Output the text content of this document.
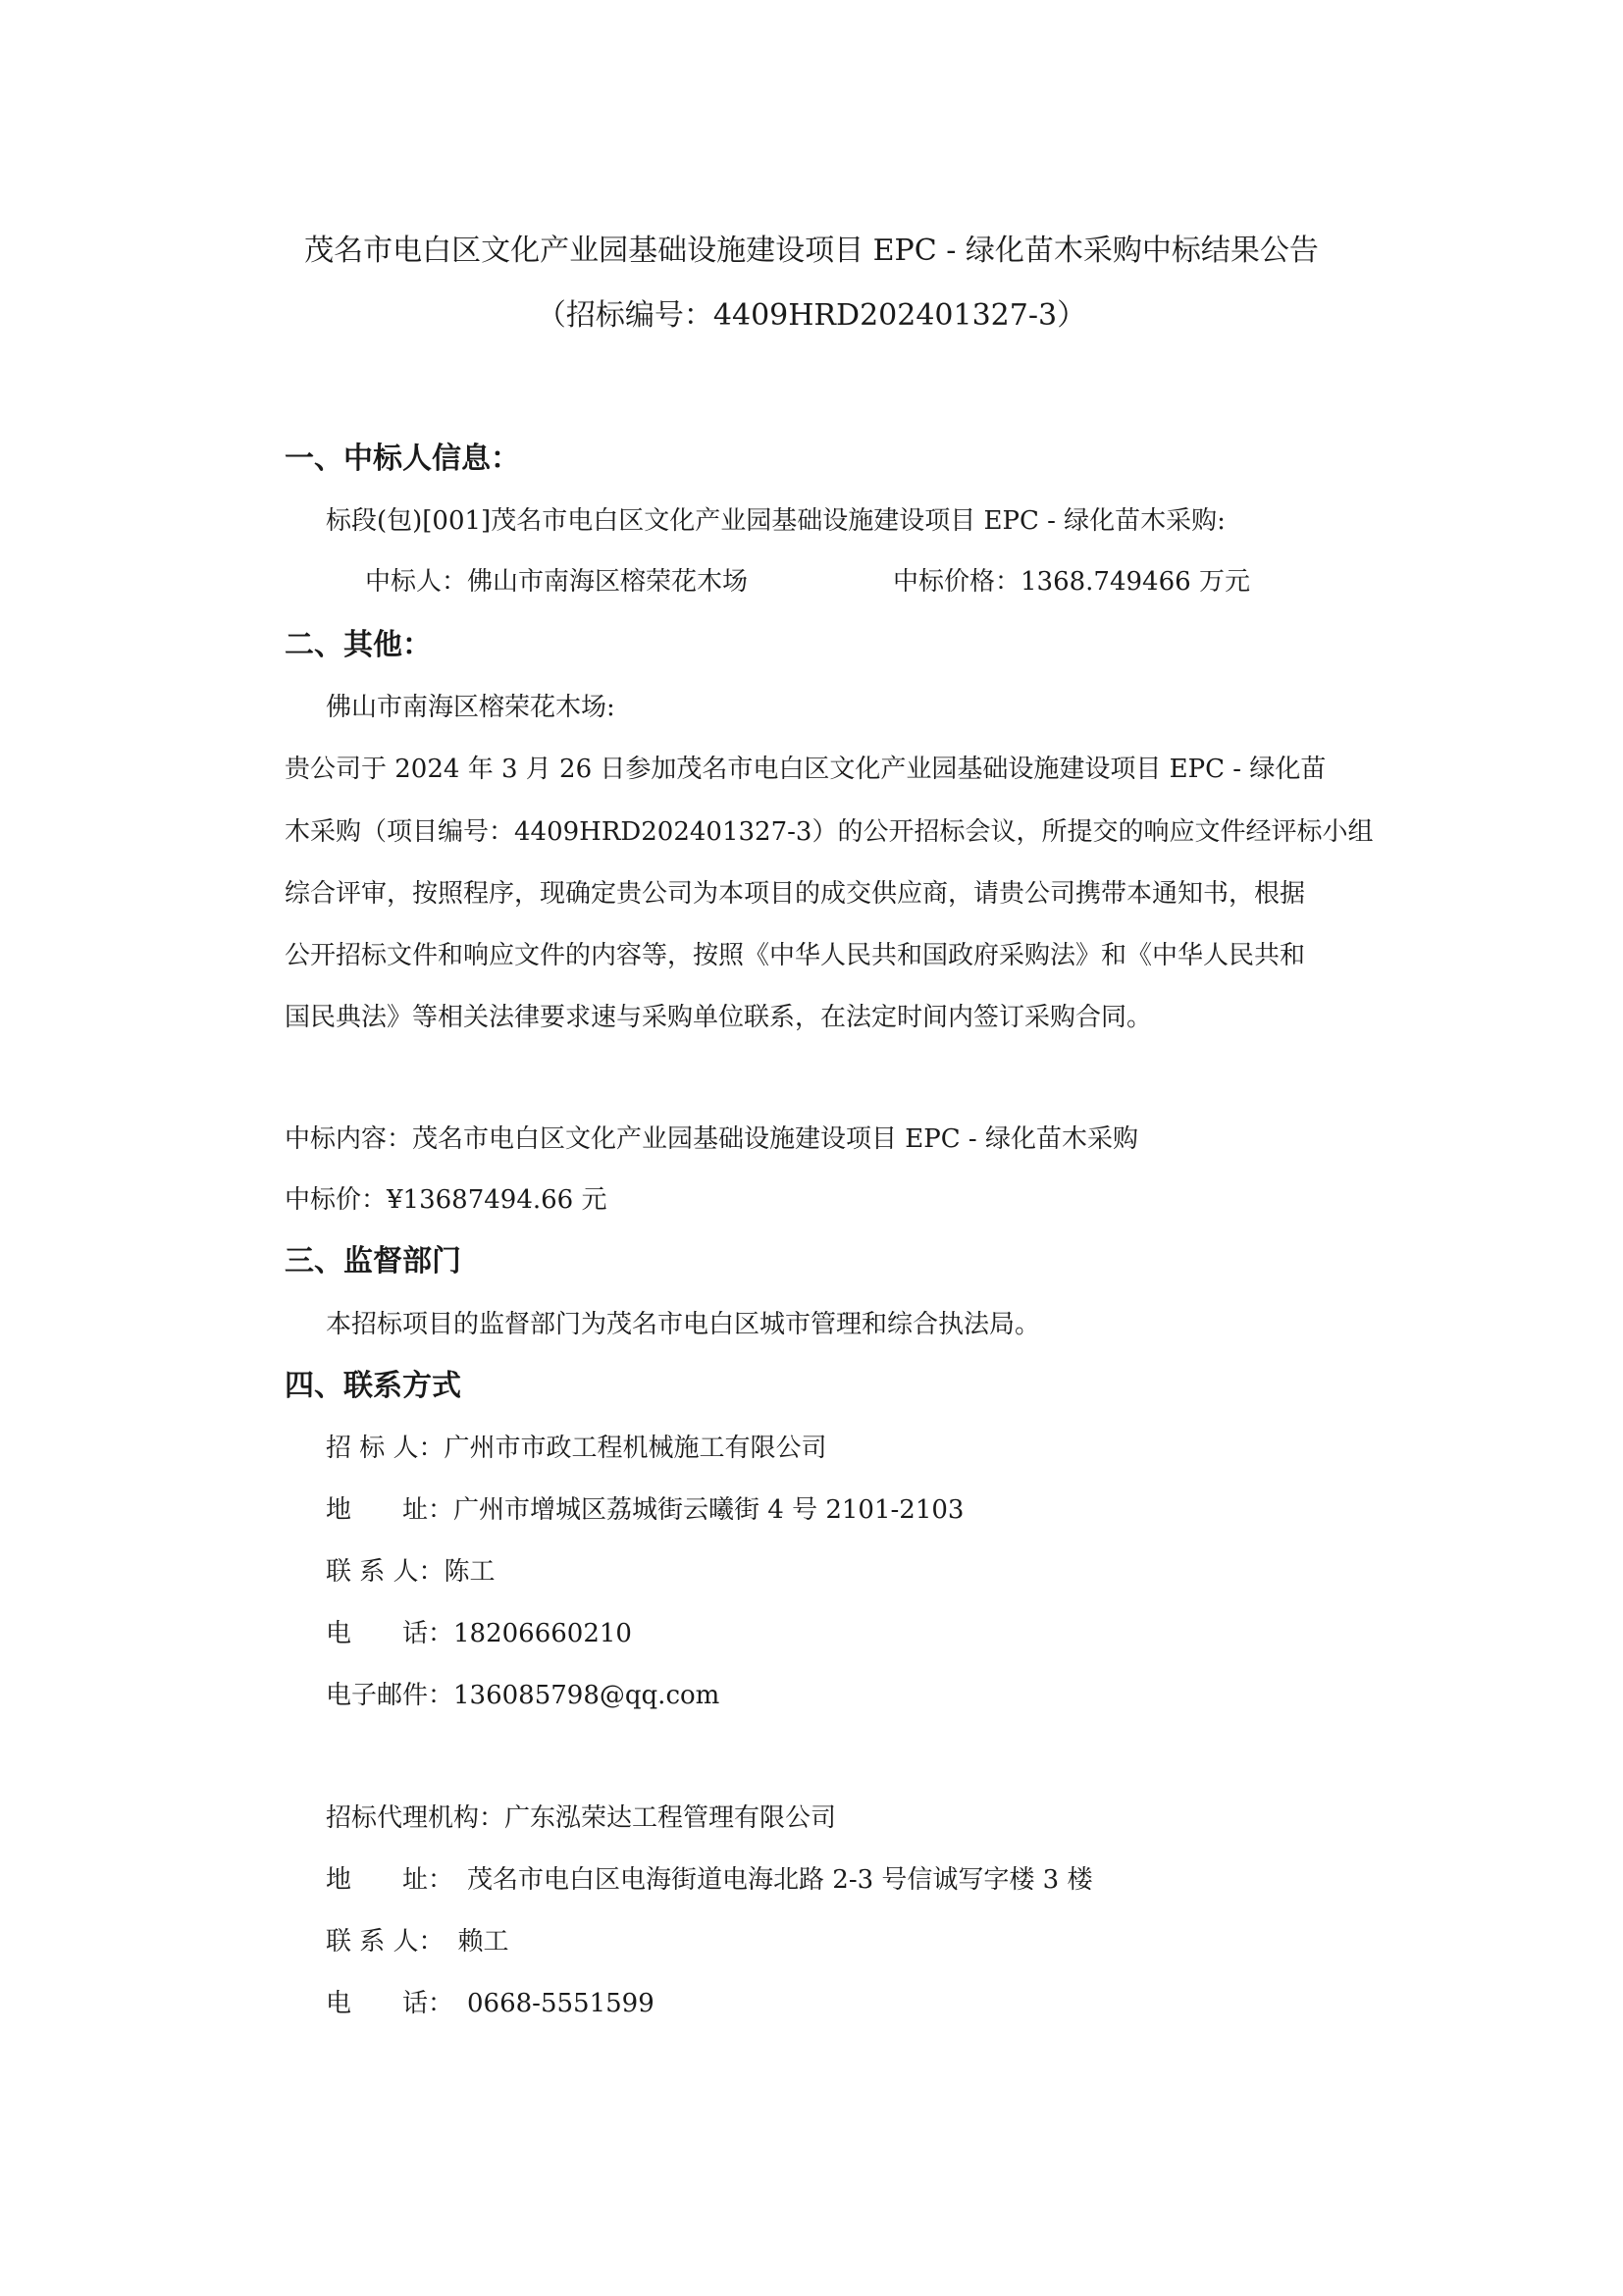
茂名市电白区文化产业园基础设施建设项目 EPC - 绿化苗木采购中标结果公告
（招标编号：4409HRD202401327-3）
一、中标人信息：
标段(包)[001]茂名市电白区文化产业园基础设施建设项目 EPC - 绿化苗木采购:
中标人：佛山市南海区榕荣花木场	中标价格：1368.749466 万元
二、其他：
佛山市南海区榕荣花木场:
贵公司于 2024 年 3 月 26 日参加茂名市电白区文化产业园基础设施建设项目 EPC - 绿化苗
木采购（项目编号：4409HRD202401327-3）的公开招标会议，所提交的响应文件经评标小组
综合评审，按照程序，现确定贵公司为本项目的成交供应商，请贵公司携带本通知书，根据
公开招标文件和响应文件的内容等，按照《中华人民共和国政府采购法》和《中华人民共和
国民典法》等相关法律要求速与采购单位联系，在法定时间内签订采购合同。
中标内容：茂名市电白区文化产业园基础设施建设项目 EPC - 绿化苗木采购
中标价：¥13687494.66 元
三、监督部门
本招标项目的监督部门为茂名市电白区城市管理和综合执法局。
四、联系方式
招 标 人：广州市市政工程机械施工有限公司
地　　址：广州市增城区荔城街云曦街 4 号 2101-2103
联 系 人：陈工
电　　话：18206660210
电子邮件：136085798@qq.com
招标代理机构：广东泓荣达工程管理有限公司
地　　址： 茂名市电白区电海街道电海北路 2-3 号信诚写字楼 3 楼
联 系 人： 赖工
电　　话： 0668-5551599
